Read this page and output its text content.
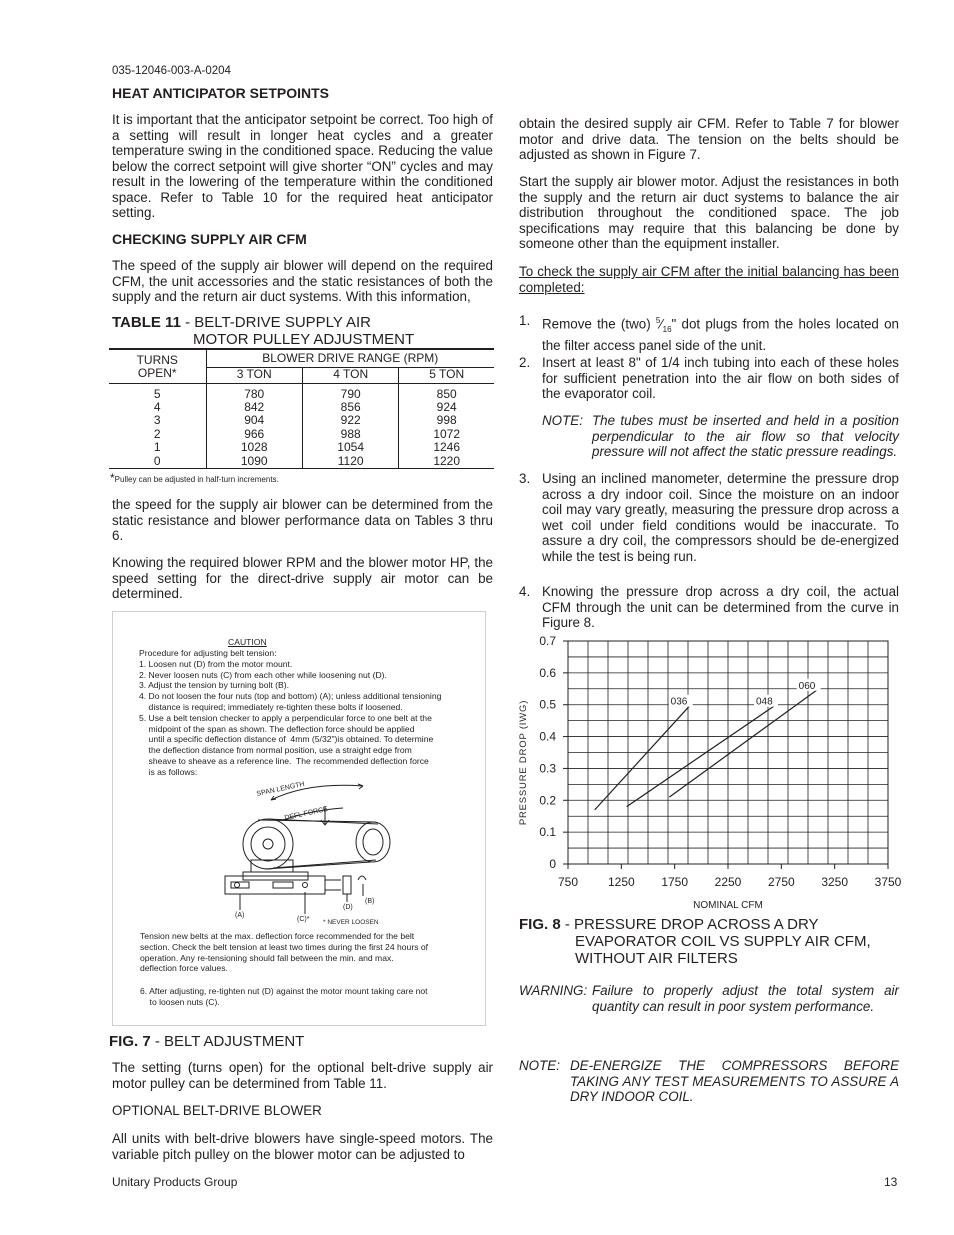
035-12046-003-A-0204
HEAT ANTICIPATOR SETPOINTS
It is important that the anticipator setpoint be correct. Too high of a setting will result in longer heat cycles and a greater temperature swing in the conditioned space. Reducing the value below the correct setpoint will give shorter “ON” cycles and may result in the lowering of the temperature within the conditioned space. Refer to Table 10 for the required heat anticipator setting.
CHECKING SUPPLY AIR CFM
The speed of the supply air blower will depend on the required CFM, the unit accessories and the static resistances of both the supply and the return air duct systems. With this information,
TABLE 11 - BELT-DRIVE SUPPLY AIR
MOTOR PULLEY ADJUSTMENT
TURNS
OPEN*	BLOWER DRIVE RANGE (RPM)		
	3 TON	4 TON	5 TON
5	780	790	850
4	842	856	924
3	904	922	998
2	966	988	1072
1	1028	1054	1246
0	1090	1120	1220
*Pulley can be adjusted in half-turn increments.
the speed for the supply air blower can be determined from the static resistance and blower performance data on Tables 3 thru 6.
Knowing the required blower RPM and the blower motor HP, the speed setting for the direct-drive supply air motor can be determined.
CAUTION
Procedure for adjusting belt tension:
1. Loosen nut (D) from the motor mount.
2. Never loosen nuts (C) from each other while loosening nut (D).
3. Adjust the tension by turning bolt (B).
4. Do not loosen the four nuts (top and bottom) (A); unless additional tensioning
distance is required; immediately re-tighten these bolts if loosened.
5. Use a belt tension checker to apply a perpendicular force to one belt at the
midpoint of the span as shown. The deflection force should be applied
until a specific deflection distance of  4mm (5/32")is obtained. To determine
the deflection distance from normal position, use a straight edge from
sheave to sheave as a reference line.  The recommended deflection force
is as follows:
SPAN LENGTH
DEFL FORCE
(A)
(C)*
(D)
(B)
* NEVER LOOSEN
Tension new belts at the max. deflection force recommended for the belt
section. Check the belt tension at least two times during the first 24 hours of
operation. Any re-tensioning should fall between the min. and max.
deflection force values.
6. After adjusting, re-tighten nut (D) against the motor mount taking care not
to loosen nuts (C).
FIG. 7 - BELT ADJUSTMENT
The setting (turns open) for the optional belt-drive supply air motor pulley can be determined from Table 11.
OPTIONAL BELT-DRIVE BLOWER
All units with belt-drive blowers have single-speed motors. The variable pitch pulley on the blower motor can be adjusted to
obtain the desired supply air CFM. Refer to Table 7 for blower motor and drive data. The tension on the belts should be adjusted as shown in Figure 7.
Start the supply air blower motor. Adjust the resistances in both the supply and the return air duct systems to balance the air distribution throughout the conditioned space. The job specifications may require that this balancing be done by someone other than the equipment installer.
To check the supply air CFM after the initial balancing has been completed:
1. Remove the (two) $^5⁄_{16}$" dot plugs from the holes located on the filter access panel side of the unit.
2. Insert at least 8" of 1/4 inch tubing into each of these holes for sufficient penetration into the air flow on both sides of the evaporator coil.
NOTE: The tubes must be inserted and held in a position perpendicular to the air flow so that velocity pressure will not affect the static pressure readings.
3. Using an inclined manometer, determine the pressure drop across a dry indoor coil. Since the moisture on an indoor coil may vary greatly, measuring the pressure drop across a wet coil under field conditions would be inaccurate. To assure a dry coil, the compressors should be de-energized while the test is being run.
4. Knowing the pressure drop across a dry coil, the actual CFM through the unit can be determined from the curve in Figure 8.
750 1250 1750 2250 2750 3250 3750
0
0.1
0.2
0.3
0.4
0.5
0.6
0.7
NOMINAL CFM
PRESSURE DROP (IWG)	036	048
060
FIG. 8 - PRESSURE DROP ACROSS A DRY
EVAPORATOR COIL VS SUPPLY AIR CFM,
WITHOUT AIR FILTERS
WARNING: Failure to properly adjust the total system air quantity can result in poor system performance.
NOTE: DE-ENERGIZE THE COMPRESSORS BEFORE TAKING ANY TEST MEASUREMENTS TO ASSURE A DRY INDOOR COIL.
Unitary Products Group	13
